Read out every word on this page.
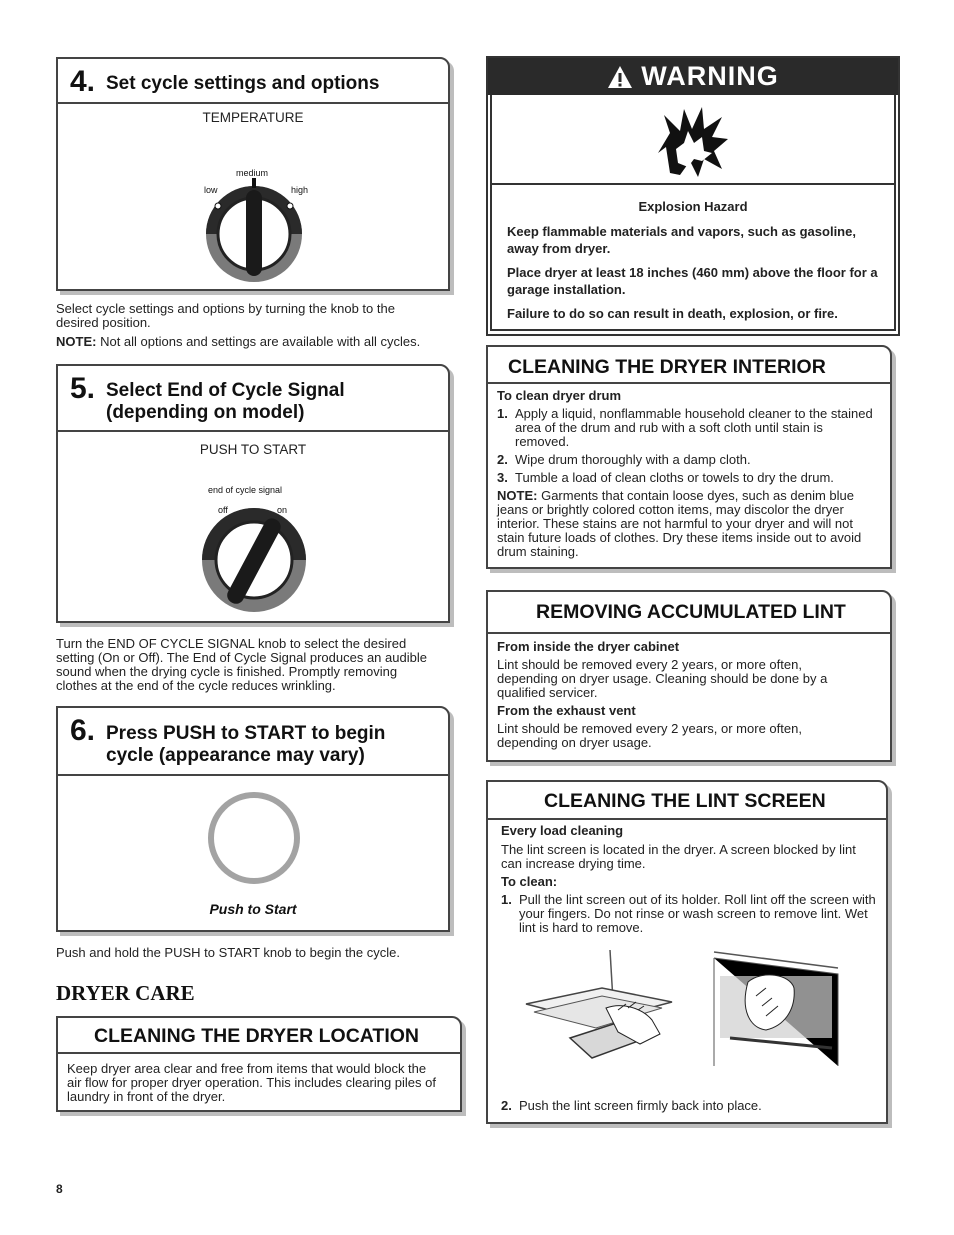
4. Set cycle settings and options
TEMPERATURE
low
medium
high
Select cycle settings and options by turning the knob to the desired position.
NOTE: Not all options and settings are available with all cycles.
5. Select End of Cycle Signal
(depending on model)
PUSH TO START
end of cycle signal
off	on
Turn the END OF CYCLE SIGNAL knob to select the desired setting (On or Off). The End of Cycle Signal produces an audible sound when the drying cycle is finished. Promptly removing clothes at the end of the cycle reduces wrinkling.
6. Press PUSH to START to begin
cycle (appearance may vary)
Push to Start
Push and hold the PUSH to START knob to begin the cycle.
DRYER CARE
CLEANING THE DRYER LOCATION
Keep dryer area clear and free from items that would block the air flow for proper dryer operation. This includes clearing piles of laundry in front of the dryer.
WARNING
Explosion Hazard
Keep flammable materials and vapors, such as gasoline, away from dryer.
Place dryer at least 18 inches (460 mm) above the floor for a garage installation.
Failure to do so can result in death, explosion, or fire.
CLEANING THE DRYER INTERIOR
To clean dryer drum
1. Apply a liquid, nonflammable household cleaner to the stained area of the drum and rub with a soft cloth until stain is removed.
2. Wipe drum thoroughly with a damp cloth.
3. Tumble a load of clean cloths or towels to dry the drum.
NOTE: Garments that contain loose dyes, such as denim blue jeans or brightly colored cotton items, may discolor the dryer interior. These stains are not harmful to your dryer and will not stain future loads of clothes. Dry these items inside out to avoid drum staining.
REMOVING ACCUMULATED LINT
From inside the dryer cabinet
Lint should be removed every 2 years, or more often, depending on dryer usage. Cleaning should be done by a qualified servicer.
From the exhaust vent
Lint should be removed every 2 years, or more often, depending on dryer usage.
CLEANING THE LINT SCREEN
Every load cleaning
The lint screen is located in the dryer. A screen blocked by lint can increase drying time.
To clean:
1. Pull the lint screen out of its holder. Roll lint off the screen with your fingers. Do not rinse or wash screen to remove lint. Wet lint is hard to remove.
2. Push the lint screen firmly back into place.
8
